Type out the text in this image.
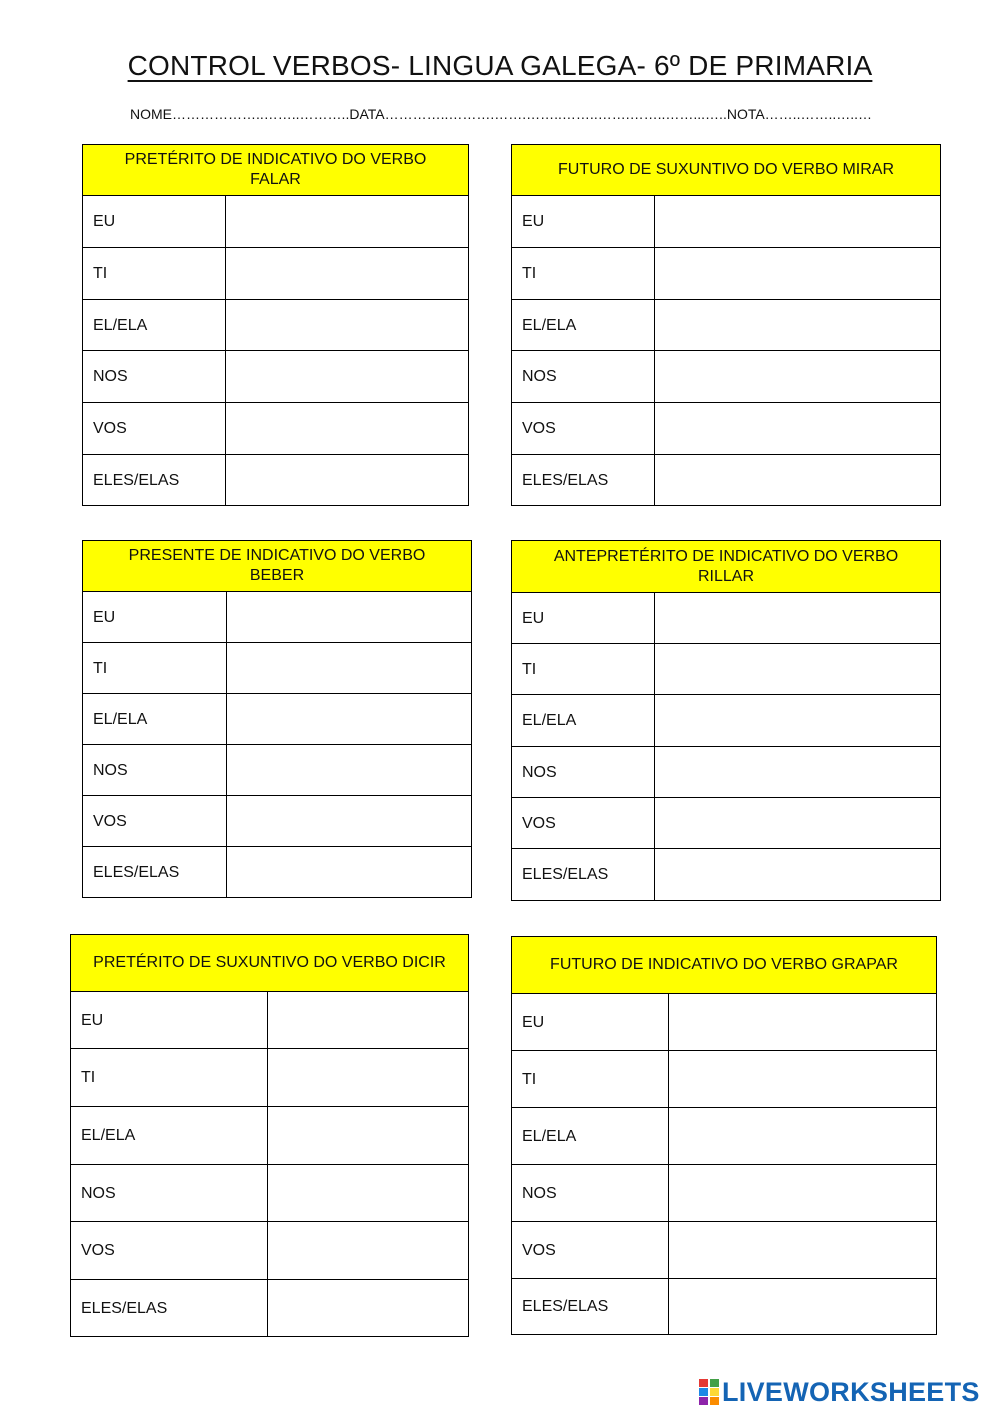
CONTROL VERBOS- LINGUA GALEGA- 6º DE PRIMARIA
NOME………………..……..………..DATA…………..……….…….……..……..…….……..……...…..NOTA……..……..…..…
PRETÉRITO DE INDICATIVO DO VERBO FALAR	
EU	
TI	
EL/ELA	
NOS	
VOS	
ELES/ELAS	
FUTURO DE SUXUNTIVO DO VERBO MIRAR	
EU	
TI	
EL/ELA	
NOS	
VOS	
ELES/ELAS	
PRESENTE DE INDICATIVO DO VERBO BEBER	
EU	
TI	
EL/ELA	
NOS	
VOS	
ELES/ELAS	
ANTEPRETÉRITO DE INDICATIVO DO VERBO RILLAR	
EU	
TI	
EL/ELA	
NOS	
VOS	
ELES/ELAS	
PRETÉRITO DE SUXUNTIVO DO VERBO DICIR	
EU	
TI	
EL/ELA	
NOS	
VOS	
ELES/ELAS	
FUTURO DE INDICATIVO DO VERBO GRAPAR	
EU	
TI	
EL/ELA	
NOS	
VOS	
ELES/ELAS	
LIVEWORKSHEETS
